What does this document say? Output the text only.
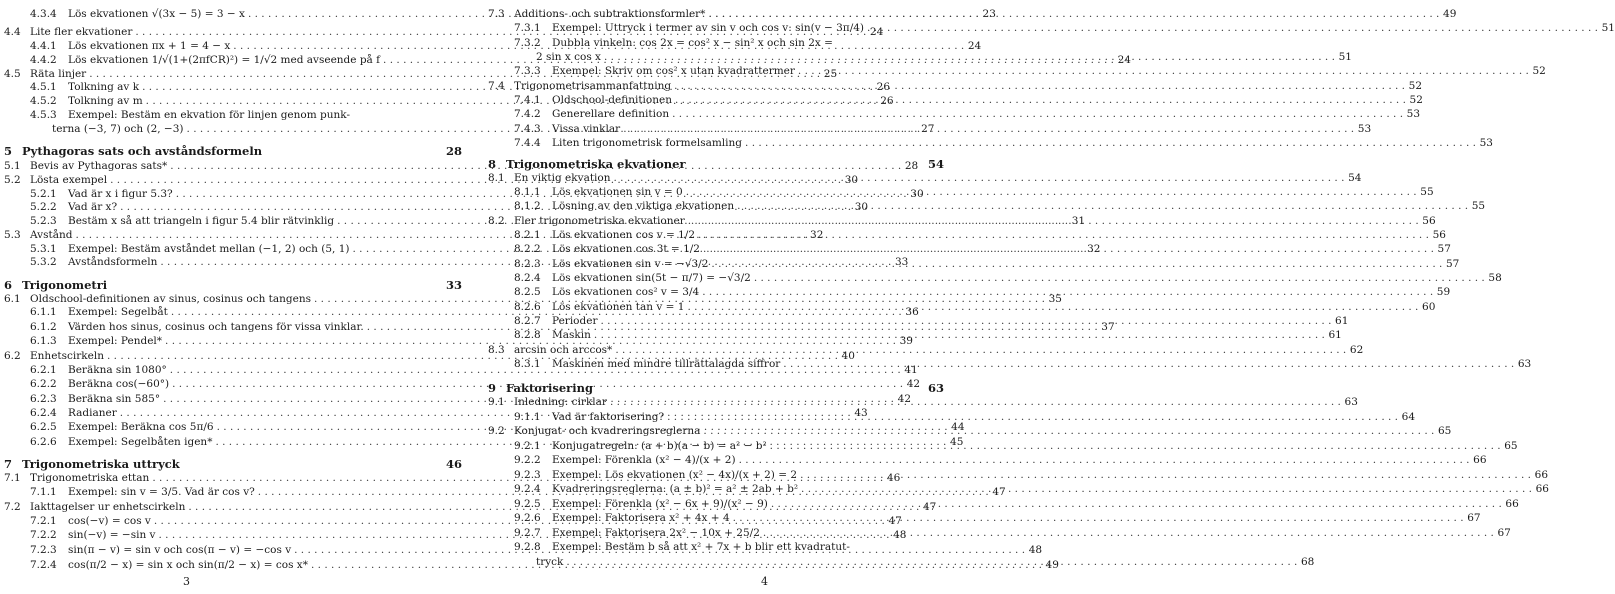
4.3.4	Lös ekvationen √(3x − 5) = 3 − x . . .	23
4.4 Lite fler ekvationer . . .	24
4.4.1	Lös ekvationen πx + 1 = 4 − x . . .	24
4.4.2	Lös ekvationen 1/√(1+(2πfCR)²) = 1/√2 med avseende på f . . .	24
4.5 Räta linjer . . .	25
4.5.1	Tolkning av k . . .	26
4.5.2	Tolkning av m . . .	26
4.5.3	Exempel: Bestäm en ekvation för linjen genom punk-
terna (−3, 7) och (2, −3) . . .	27
5 Pythagoras sats och avståndsformeln	28
5.1 Bevis av Pythagoras sats* . . .	28
5.2 Lösta exempel . . .	30
5.2.1	Vad är x i figur 5.3? . . .	30
5.2.2	Vad är x? . . .	30
5.2.3	Bestäm x så att triangeln i figur 5.4 blir rätvinklig . . .	31
5.3 Avstånd . . .	32
5.3.1	Exempel: Bestäm avståndet mellan (−1, 2) och (5, 1) . . .	32
5.3.2	Avståndsformeln . . .	33
6 Trigonometri	33
6.1 Oldschool-definitionen av sinus, cosinus och tangens . . .	35
6.1.1	Exempel: Segelbåt . . .	36
6.1.2	Värden hos sinus, cosinus och tangens för vissa vinklar. . . .	37
6.1.3	Exempel: Pendel* . . .	39
6.2 Enhetscirkeln . . .	40
6.2.1	Beräkna sin 1080° . . .	41
6.2.2	Beräkna cos(−60°) . . .	42
6.2.3	Beräkna sin 585° . . .	42
6.2.4	Radianer . . .	43
6.2.5	Exempel: Beräkna cos 5π/6 . . .	44
6.2.6	Exempel: Segelbåten igen* . . .	45
7 Trigonometriska uttryck	46
7.1 Trigonometriska ettan . . .	46
7.1.1	Exempel: sin v = 3/5. Vad är cos v? . . .	47
7.2 Iakttagelser ur enhetscirkeln . . .	47
7.2.1	cos(−v) = cos v . . .	47
7.2.2	sin(−v) = −sin v . . .	48
7.2.3	sin(π − v) = sin v och cos(π − v) = −cos v . . .	48
7.2.4	cos(π/2 − x) = sin x och sin(π/2 − x) = cos x* . . .	49
3
7.3 Additions- och subtraktionsformler* . . .	49
7.3.1	Exempel: Uttryck i termer av sin v och cos v: sin(v − 3π/4) . . .	51
7.3.2	Dubbla vinkeln: cos 2x = cos² x − sin² x och sin 2x =
2 sin x cos x . . .	51
7.3.3	Exempel: Skriv om cos² x utan kvadrattermer . . .	52
7.4 Trigonometrisammanfattning . . .	52
7.4.1	Oldschool-definitionen . . .	52
7.4.2	Generellare definition . . .	53
7.4.3	Vissa vinklar . . .	53
7.4.4	Liten trigonometrisk formelsamling . . .	53
8 Trigonometriska ekvationer	54
8.1 En viktig ekvation . . .	54
8.1.1	Lös ekvationen sin v = 0 . . .	55
8.1.2	Lösning av den viktiga ekvationen . . .	55
8.2 Fler trigonometriska ekvationer . . .	56
8.2.1	Lös ekvationen cos v = 1/2 . . .	56
8.2.2	Lös ekvationen cos 3t = 1/2 . . .	57
8.2.3	Lös ekvationen sin v = −√3/2 . . .	57
8.2.4	Lös ekvationen sin(5t − π/7) = −√3/2 . . .	58
8.2.5	Lös ekvationen cos² v = 3/4 . . .	59
8.2.6	Lös ekvationen tan v = 1 . . .	60
8.2.7	Perioder . . .	61
8.2.8	Maskin . . .	61
8.3 arcsin och arccos* . . .	62
8.3.1	Maskinen med mindre tillrättalagda siffror . . .	63
9 Faktorisering	63
9.1 Inledning: cirklar . . .	63
9.1.1	Vad är faktorisering? . . .	64
9.2 Konjugat- och kvadreringsreglerna . . .	65
9.2.1	Konjugatregeln: (a + b)(a − b) = a² − b² . . .	65
9.2.2	Exempel: Förenkla (x² − 4)/(x + 2) . . .	66
9.2.3	Exempel: Lös ekvationen (x² − 4x)/(x + 2) = 2 . . .	66
9.2.4	Kvadreringsreglerna: (a ± b)² = a² ± 2ab + b² . . .	66
9.2.5	Exempel: Förenkla (x² − 6x + 9)/(x² − 9) . . .	66
9.2.6	Exempel: Faktorisera x² + 4x + 4 . . .	67
9.2.7	Exempel: Faktorisera 2x² − 10x + 25/2 . . .	67
9.2.8	Exempel: Bestäm b så att x² + 7x + b blir ett kvadratut-
tryck . . .	68
4
